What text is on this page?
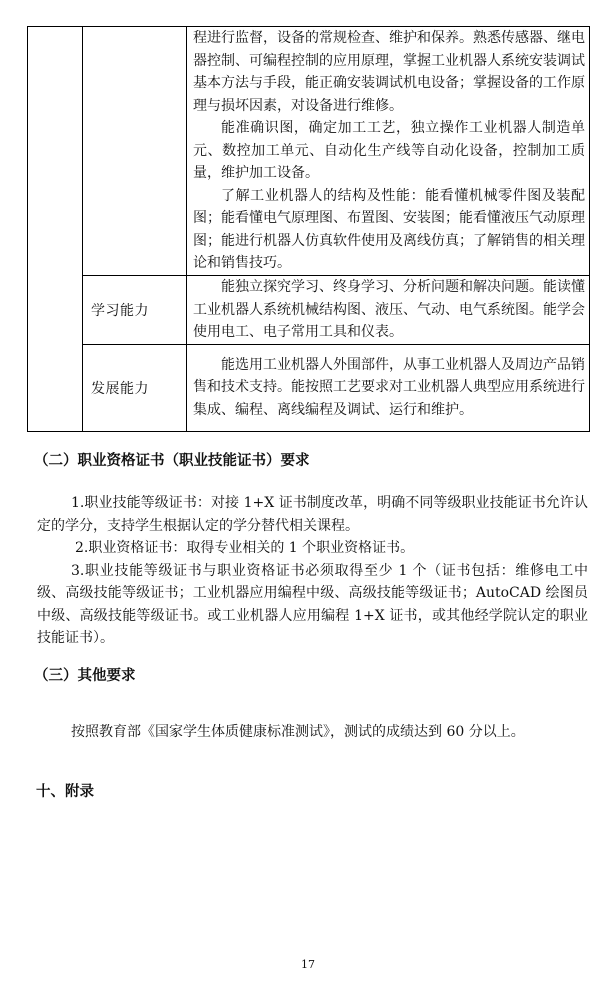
		程进行监督，设备的常规检查、维护和保养。熟悉传感器、继电器控制、可编程控制的应用原理，掌握工业机器人系统安装调试基本方法与手段，能正确安装调试机电设备；掌握设备的工作原理与损坏因素，对设备进行维修。

能准确识图，确定加工工艺，独立操作工业机器人制造单元、数控加工单元、自动化生产线等自动化设备，控制加工质量，维护加工设备。

了解工业机器人的结构及性能：能看懂机械零件图及装配图；能看懂电气原理图、布置图、安装图；能看懂液压气动原理图；能进行机器人仿真软件使用及离线仿真；了解销售的相关理论和销售技巧。

	学习能力	能独立探究学习、终身学习、分析问题和解决问题。能读懂工业机器人系统机械结构图、液压、气动、电气系统图。能学会使用电工、电子常用工具和仪表。

	发展能力	能选用工业机器人外围部件，从事工业机器人及周边产品销售和技术支持。能按照工艺要求对工业机器人典型应用系统进行集成、编程、离线编程及调试、运行和维护。

（二）职业资格证书（职业技能证书）要求

1.职业技能等级证书：对接 1+X 证书制度改革，明确不同等级职业技能证书允许认定的学分，支持学生根据认定的学分替代相关课程。

2.职业资格证书：取得专业相关的 1 个职业资格证书。

3.职业技能等级证书与职业资格证书必须取得至少 1 个（证书包括：维修电工中级、高级技能等级证书；工业机器应用编程中级、高级技能等级证书；AutoCAD 绘图员中级、高级技能等级证书。或工业机器人应用编程 1+X 证书，或其他经学院认定的职业技能证书）。

（三）其他要求

按照教育部《国家学生体质健康标准测试》，测试的成绩达到 60 分以上。

十、附录
17
